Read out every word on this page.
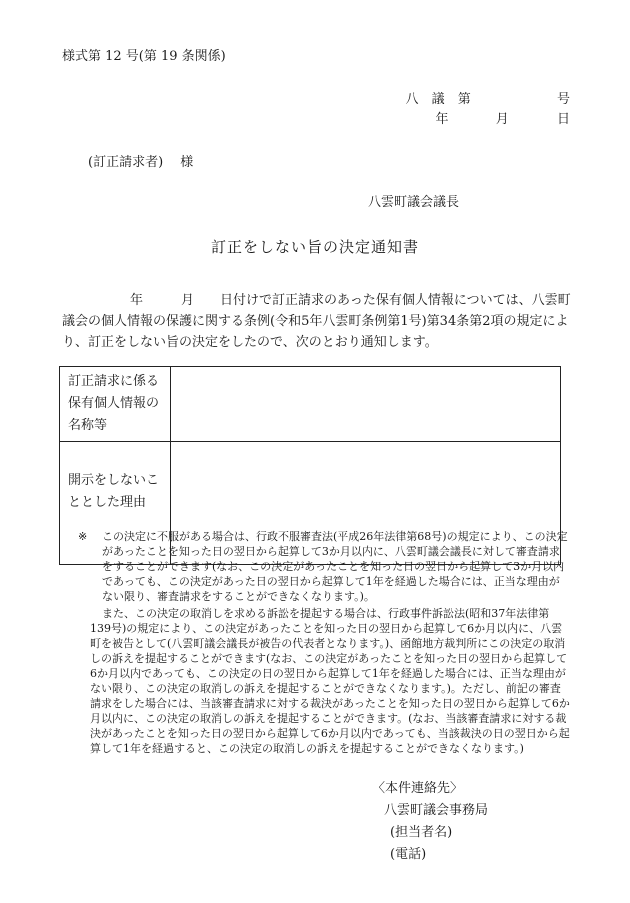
様式第 12 号(第 19 条関係)
八 議 第	号
年	月	日
(訂正請求者)　 様
八雲町議会議長
訂正をしない旨の決定通知書
年	月 日付けで訂正請求のあった保有個人情報については、八雲町議会の個人情報の保護に関する条例(令和5年八雲町条例第1号)第34条第2項の規定により、訂正をしない旨の決定をしたので、次のとおり通知します。
訂正請求に係る保有個人情報の名称等	
開示をしないこととした理由	
※	この決定に不服がある場合は、行政不服審査法(平成26年法律第68号)の規定により、この決定があったことを知った日の翌日から起算して3か月以内に、八雲町議会議長に対して審査請求をすることができます(なお、この決定があったことを知った日の翌日から起算して3か月以内であっても、この決定があった日の翌日から起算して1年を経過した場合には、正当な理由がない限り、審査請求をすることができなくなります。)。
また、この決定の取消しを求める訴訟を提起する場合は、行政事件訴訟法(昭和37年法律第139号)の規定により、この決定があったことを知った日の翌日から起算して6か月以内に、八雲町を被告として(八雲町議会議長が被告の代表者となります。)、函館地方裁判所にこの決定の取消しの訴えを提起することができます(なお、この決定があったことを知った日の翌日から起算して6か月以内であっても、この決定の日の翌日から起算して1年を経過した場合には、正当な理由がない限り、この決定の取消しの訴えを提起することができなくなります。)。ただし、前記の審査請求をした場合には、当該審査請求に対する裁決があったことを知った日の翌日から起算して6か月以内に、この決定の取消しの訴えを提起することができます。(なお、当該審査請求に対する裁決があったことを知った日の翌日から起算して6か月以内であっても、当該裁決の日の翌日から起算して1年を経過すると、この決定の取消しの訴えを提起することができなくなります。)
〈本件連絡先〉
八雲町議会事務局
(担当者名)
(電話)
